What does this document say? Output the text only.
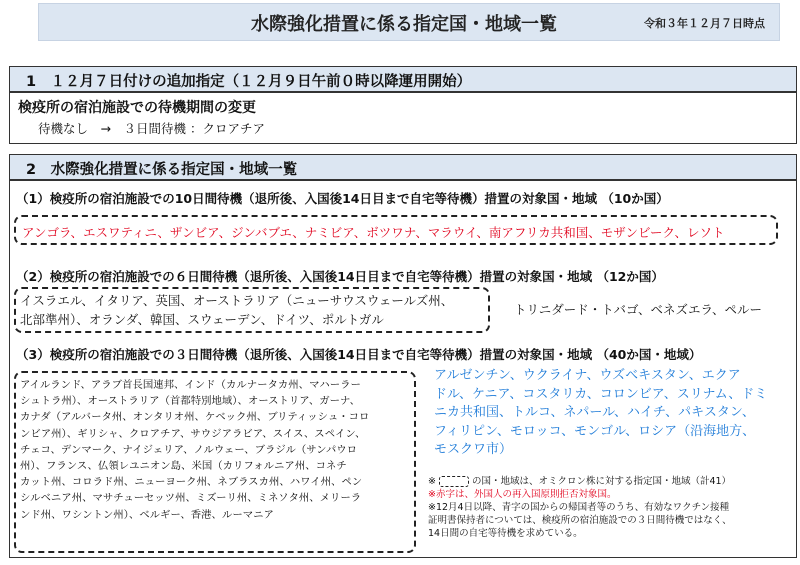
水際強化措置に係る指定国・地域一覧	令和３年１２月７日時点
1　１２月７日付けの追加指定（１２月９日午前０時以降運用開始）
検疫所の宿泊施設での待機期間の変更
待機なし　→　３日間待機 ：クロアチア
2　水際強化措置に係る指定国・地域一覧
（1）検疫所の宿泊施設での10日間待機（退所後、入国後14日目まで自宅等待機）措置の対象国・地域 （10か国）
アンゴラ、エスワティニ、ザンビア、ジンバブエ、ナミビア、ボツワナ、マラウイ、南アフリカ共和国、モザンビーク、レソト
（2）検疫所の宿泊施設での６日間待機（退所後、入国後14日目まで自宅等待機）措置の対象国・地域 （12か国）
イスラエル、イタリア、英国、オーストラリア（ニューサウスウェールズ州、
北部準州）、オランダ、韓国、スウェーデン、ドイツ、ポルトガル
トリニダード・トバゴ、ベネズエラ、ペルー
（3）検疫所の宿泊施設での３日間待機（退所後、入国後14日目まで自宅等待機）措置の対象国・地域 （40か国・地域）
アイルランド、アラブ首長国連邦、インド（カルナータカ州、マハーラー
シュトラ州）、オーストラリア（首都特別地域）、オーストリア、ガーナ、
カナダ（アルバータ州、オンタリオ州、ケベック州、ブリティッシュ・コロ
ンビア州）、ギリシャ、クロアチア、サウジアラビア、スイス、スペイン、
チェコ、デンマーク、ナイジェリア、ノルウェー、ブラジル（サンパウロ
州）、フランス、仏領レユニオン島、米国（カリフォルニア州、コネチ
カット州、コロラド州、ニューヨーク州、ネブラスカ州、ハワイ州、ペン
シルベニア州、マサチューセッツ州、ミズーリ州、ミネソタ州、メリーラ
ンド州、ワシントン州）、ベルギー、香港、ルーマニア
アルゼンチン、ウクライナ、ウズベキスタン、エクア
ドル、ケニア、コスタリカ、コロンビア、スリナム、ドミ
ニカ共和国、トルコ、ネパール、ハイチ、パキスタン、
フィリピン、モロッコ、モンゴル、ロシア（沿海地方、
モスクワ市）
※	の国・地域は、オミクロン株に対する指定国・地域（計41）
※赤字は、外国人の再入国原則拒否対象国。
※12月4日以降、青字の国からの帰国者等のうち、有効なワクチン接種
証明書保持者については、検疫所の宿泊施設での３日間待機ではなく、
14日間の自宅等待機を求めている。
